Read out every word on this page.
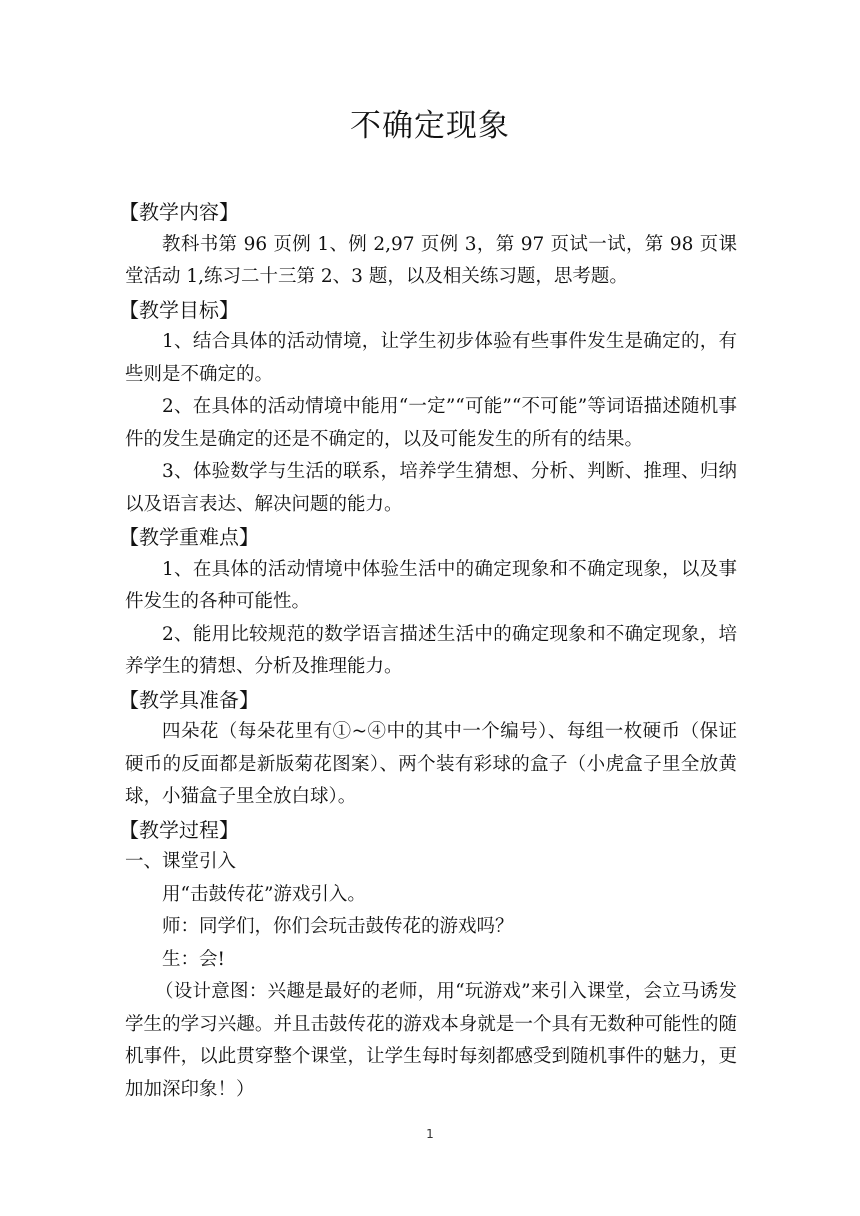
不确定现象

【教学内容】

教科书第 96 页例 1、例 2,97 页例 3，第 97 页试一试，第 98 页课堂活动 1,练习二十三第 2、3 题，以及相关练习题，思考题。

【教学目标】

1、结合具体的活动情境，让学生初步体验有些事件发生是确定的，有些则是不确定的。

2、在具体的活动情境中能用“一定”“可能”“不可能”等词语描述随机事件的发生是确定的还是不确定的，以及可能发生的所有的结果。

3、体验数学与生活的联系，培养学生猜想、分析、判断、推理、归纳以及语言表达、解决问题的能力。

【教学重难点】

1、在具体的活动情境中体验生活中的确定现象和不确定现象，以及事件发生的各种可能性。

2、能用比较规范的数学语言描述生活中的确定现象和不确定现象，培养学生的猜想、分析及推理能力。

【教学具准备】

四朵花（每朵花里有①~④中的其中一个编号）、每组一枚硬币（保证硬币的反面都是新版菊花图案）、两个装有彩球的盒子（小虎盒子里全放黄球，小猫盒子里全放白球）。

【教学过程】

一、课堂引入

用“击鼓传花”游戏引入。

师：同学们，你们会玩击鼓传花的游戏吗？

生：会!

（设计意图：兴趣是最好的老师，用“玩游戏”来引入课堂，会立马诱发学生的学习兴趣。并且击鼓传花的游戏本身就是一个具有无数种可能性的随机事件，以此贯穿整个课堂，让学生每时每刻都感受到随机事件的魅力，更加加深印象！）

1
